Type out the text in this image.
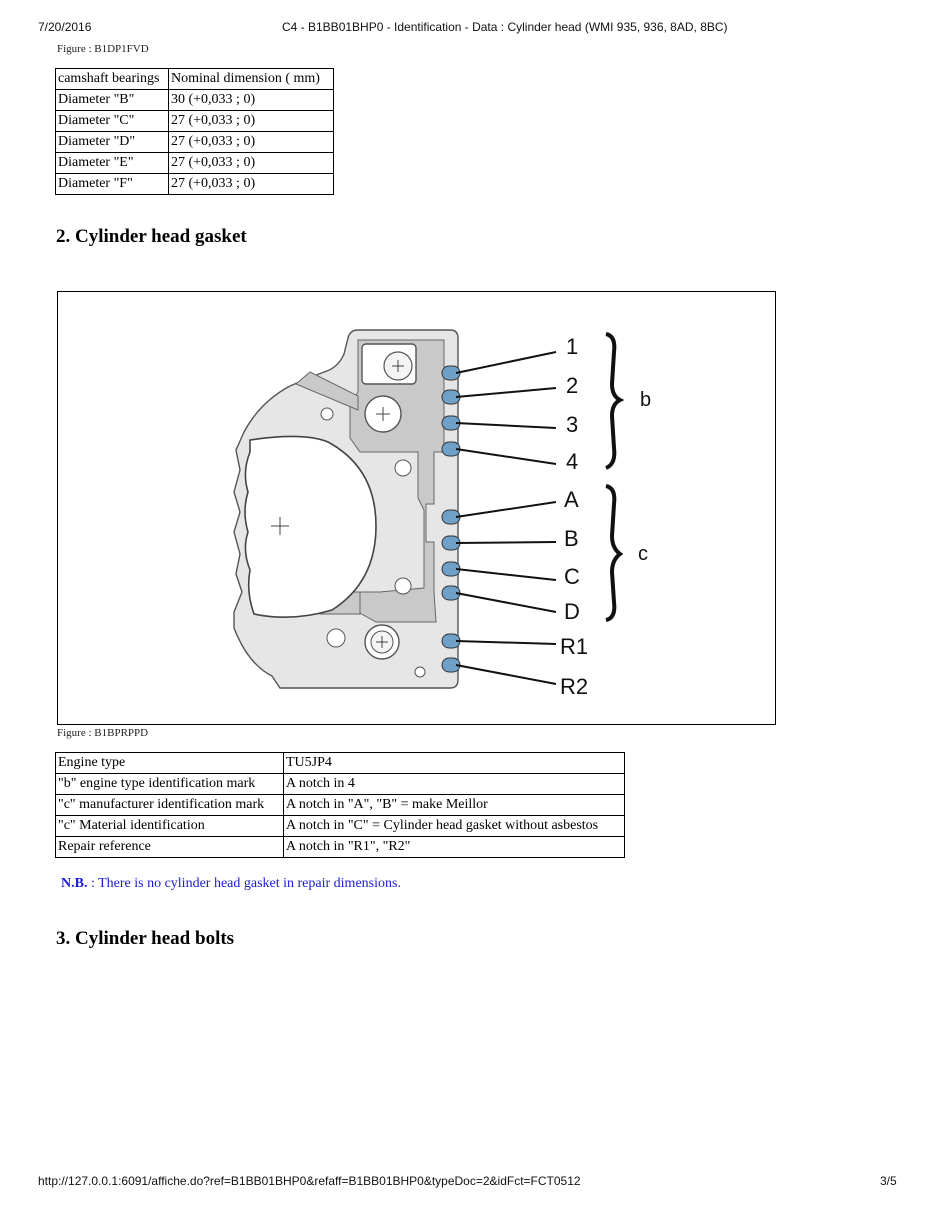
7/20/2016	C4 - B1BB01BHP0 - Identification - Data : Cylinder head (WMI 935, 936, 8AD, 8BC)
Figure : B1DP1FVD
camshaft bearings	Nominal dimension ( mm)
Diameter "B"	30 (+0,033 ; 0)
Diameter "C"	27 (+0,033 ; 0)
Diameter "D"	27 (+0,033 ; 0)
Diameter "E"	27 (+0,033 ; 0)
Diameter "F"	27 (+0,033 ; 0)
2. Cylinder head gasket
1
2
3
4
A
B
C
D
R1
R2
b
c
Figure : B1BPRPPD
Engine type	TU5JP4
"b" engine type identification mark	A notch in 4
"c" manufacturer identification mark	A notch in "A", "B" = make Meillor
"c" Material identification	A notch in "C" = Cylinder head gasket without asbestos
Repair reference	A notch in "R1", "R2"
N.B. : There is no cylinder head gasket in repair dimensions.
3. Cylinder head bolts
http://127.0.0.1:6091/affiche.do?ref=B1BB01BHP0&refaff=B1BB01BHP0&typeDoc=2&idFct=FCT0512	3/5
